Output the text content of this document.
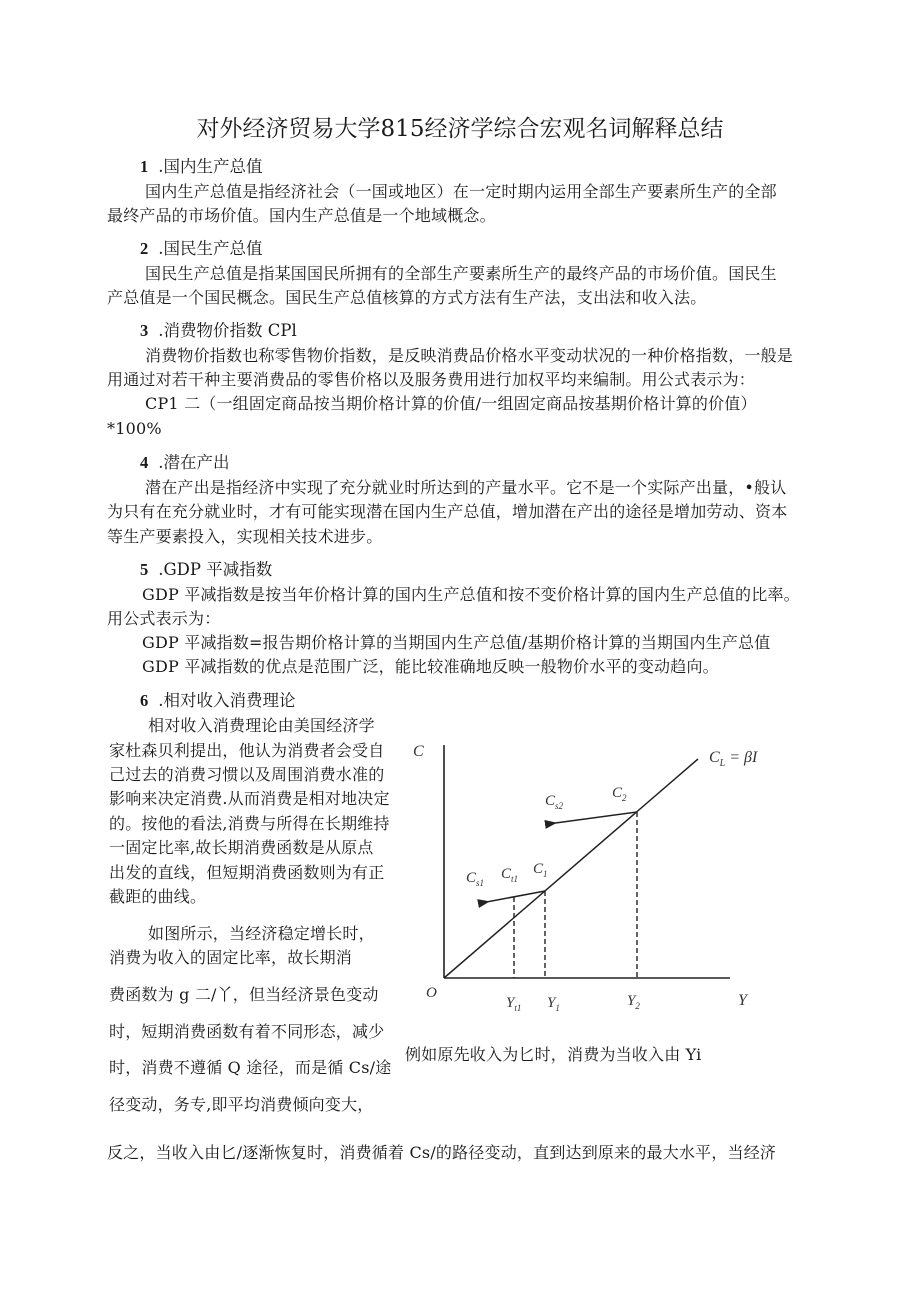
对外经济贸易大学815经济学综合宏观名词解释总结
1 .国内生产总值
国内生产总值是指经济社会（一国或地区）在一定时期内运用全部生产要素所生产的全部
最终产品的市场价值。国内生产总值是一个地域概念。
2 .国民生产总值
国民生产总值是指某国国民所拥有的全部生产要素所生产的最终产品的市场价值。国民生
产总值是一个国民概念。国民生产总值核算的方式方法有生产法，支出法和收入法。
3 .消费物价指数 CPl
消费物价指数也称零售物价指数，是反映消费品价格水平变动状况的一种价格指数，一般是
用通过对若干种主要消费品的零售价格以及服务费用进行加权平均来编制。用公式表示为：
CP1 二（一组固定商品按当期价格计算的价值/一组固定商品按基期价格计算的价值）
*100%
4 .潜在产出
潜在产出是指经济中实现了充分就业时所达到的产量水平。它不是一个实际产出量，•般认
为只有在充分就业时，才有可能实现潜在国内生产总值，增加潜在产出的途径是增加劳动、资本
等生产要素投入，实现相关技术进步。
5 .GDP 平减指数
GDP 平减指数是按当年价格计算的国内生产总值和按不变价格计算的国内生产总值的比率。
用公式表示为：
GDP 平减指数=报告期价格计算的当期国内生产总值/基期价格计算的当期国内生产总值
GDP 平减指数的优点是范围广泛，能比较准确地反映一般物价水平的变动趋向。
6 .相对收入消费理论
相对收入消费理论由美国经济学
家杜森贝利提出，他认为消费者会受自
己过去的消费习惯以及周围消费水准的
影响来决定消费.从而消费是相对地决定
的。按他的看法,消费与所得在长期维持
一固定比率,故长期消费函数是从原点
出发的直线，但短期消费函数则为有正
截距的曲线。
如图所示，当经济稳定增长时，
消费为收入的固定比率，故长期消
费函数为 g 二/丫，但当经济景色变动
时，短期消费函数有着不同形态，减少
时，消费不遵循 Q 途径，而是循 Cs/途
径变动，务专,即平均消费倾向变大，
C
Y
O
$C_L = \beta I$
$C_{s2}$
$C_2$
$C_{s1}$
$C_{t1}$
$C_1$
$Y_{t1}$ $Y_1$	$Y_2$
例如原先收入为匕时，消费为当收入由 Yi
反之，当收入由匕/逐渐恢复时，消费循着 Cs/的路径变动，直到达到原来的最大水平，当经济
